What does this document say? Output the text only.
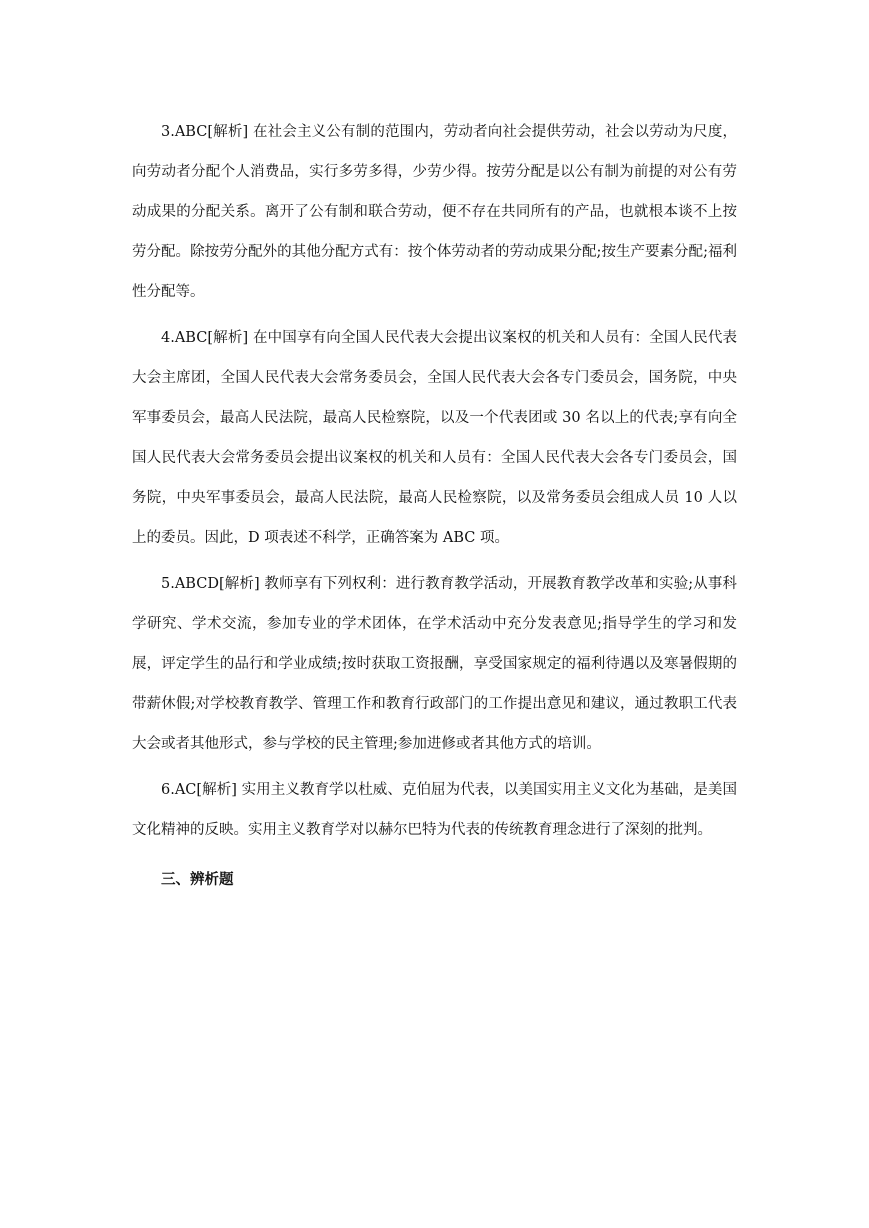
3.ABC[解析] 在社会主义公有制的范围内，劳动者向社会提供劳动，社会以劳动为尺度，向劳动者分配个人消费品，实行多劳多得，少劳少得。按劳分配是以公有制为前提的对公有劳动成果的分配关系。离开了公有制和联合劳动，便不存在共同所有的产品，也就根本谈不上按劳分配。除按劳分配外的其他分配方式有：按个体劳动者的劳动成果分配;按生产要素分配;福利性分配等。

4.ABC[解析] 在中国享有向全国人民代表大会提出议案权的机关和人员有：全国人民代表大会主席团，全国人民代表大会常务委员会，全国人民代表大会各专门委员会，国务院，中央军事委员会，最高人民法院，最高人民检察院，以及一个代表团或 30 名以上的代表;享有向全国人民代表大会常务委员会提出议案权的机关和人员有：全国人民代表大会各专门委员会，国务院，中央军事委员会，最高人民法院，最高人民检察院，以及常务委员会组成人员 10 人以上的委员。因此，D 项表述不科学，正确答案为 ABC 项。

5.ABCD[解析] 教师享有下列权利：进行教育教学活动，开展教育教学改革和实验;从事科学研究、学术交流，参加专业的学术团体，在学术活动中充分发表意见;指导学生的学习和发展，评定学生的品行和学业成绩;按时获取工资报酬，享受国家规定的福利待遇以及寒暑假期的带薪休假;对学校教育教学、管理工作和教育行政部门的工作提出意见和建议，通过教职工代表大会或者其他形式，参与学校的民主管理;参加进修或者其他方式的培训。

6.AC[解析] 实用主义教育学以杜威、克伯屈为代表，以美国实用主义文化为基础，是美国文化精神的反映。实用主义教育学对以赫尔巴特为代表的传统教育理念进行了深刻的批判。

三、辨析题
